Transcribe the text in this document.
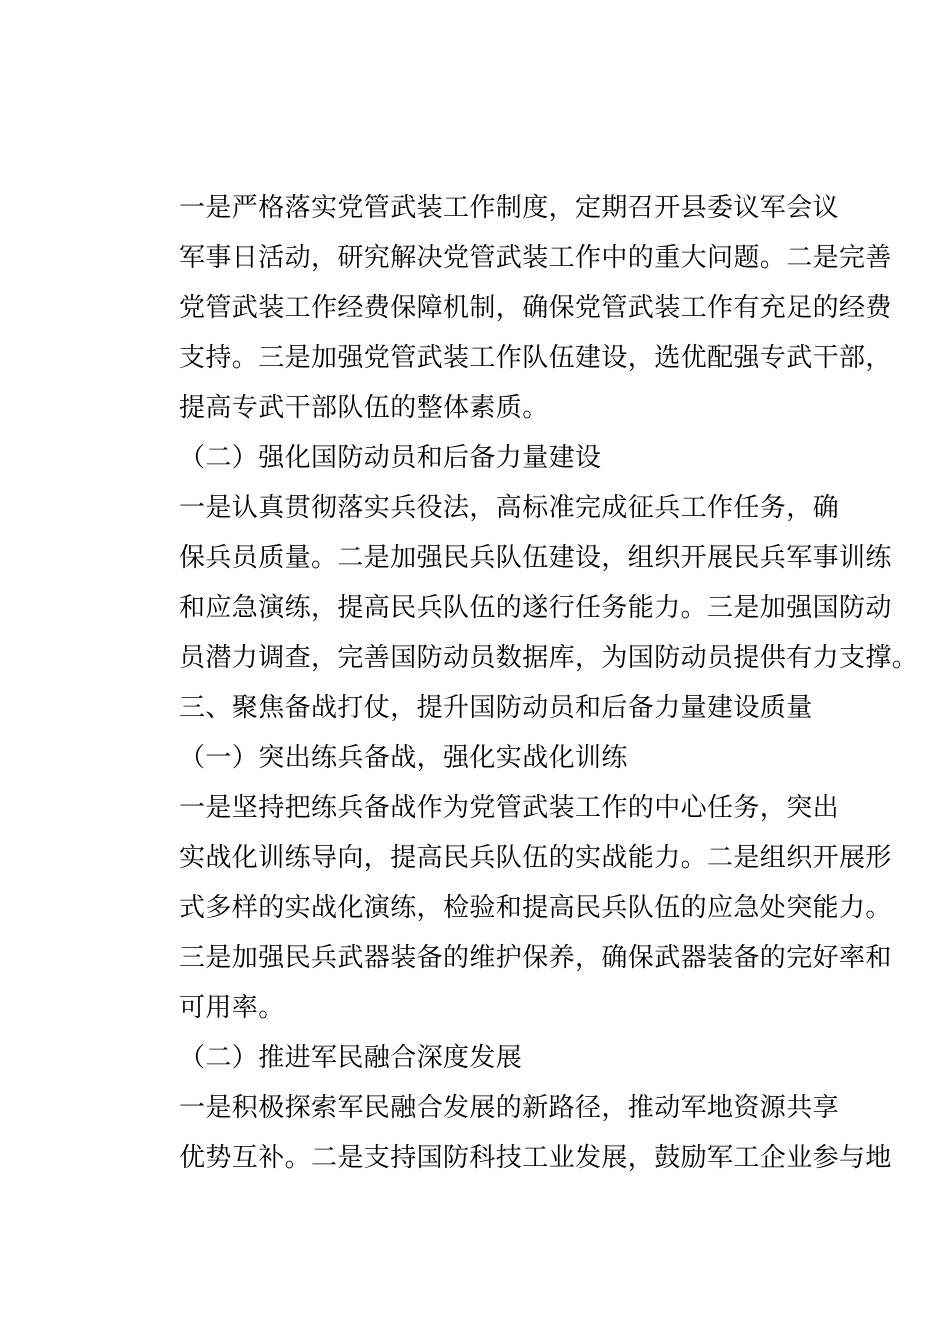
一是严格落实党管武装工作制度，定期召开县委议军会议
军事日活动，研究解决党管武装工作中的重大问题。二是完善
党管武装工作经费保障机制，确保党管武装工作有充足的经费
支持。三是加强党管武装工作队伍建设，选优配强专武干部，
提高专武干部队伍的整体素质。
（二）强化国防动员和后备力量建设
一是认真贯彻落实兵役法，高标准完成征兵工作任务，确
保兵员质量。二是加强民兵队伍建设，组织开展民兵军事训练
和应急演练，提高民兵队伍的遂行任务能力。三是加强国防动
员潜力调查，完善国防动员数据库，为国防动员提供有力支撑。
三、聚焦备战打仗，提升国防动员和后备力量建设质量
（一）突出练兵备战，强化实战化训练
一是坚持把练兵备战作为党管武装工作的中心任务，突出
实战化训练导向，提高民兵队伍的实战能力。二是组织开展形
式多样的实战化演练，检验和提高民兵队伍的应急处突能力。
三是加强民兵武器装备的维护保养，确保武器装备的完好率和
可用率。
（二）推进军民融合深度发展
一是积极探索军民融合发展的新路径，推动军地资源共享
优势互补。二是支持国防科技工业发展，鼓励军工企业参与地
